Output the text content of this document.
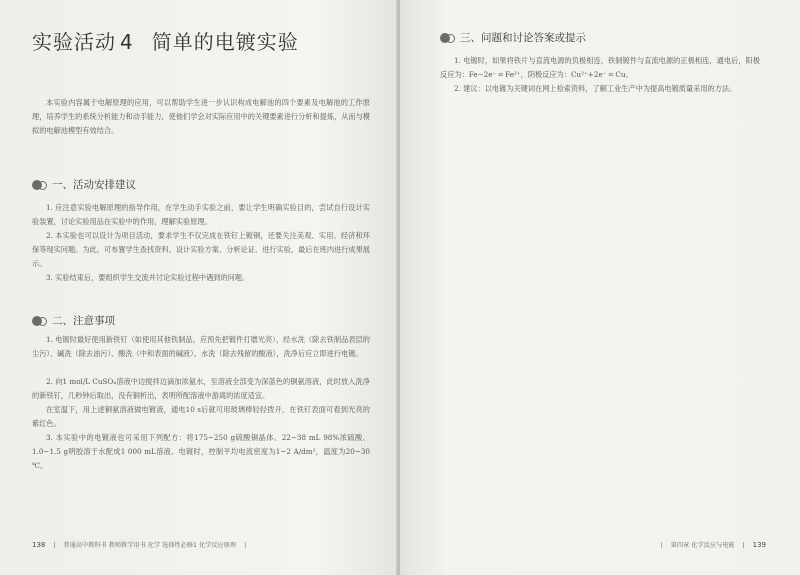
实验活动 4 简单的电镀实验
本实验内容属于电解原理的应用，可以帮助学生进一步认识构成电解池的四个要素及电解池的工作原理，培养学生的系统分析能力和动手能力，使他们学会对实际应用中的关键要素进行分析和提炼，从而与模拟的电解池模型有效结合。
一、活动安排建议
1. 应注意实验电解原理的指导作用，在学生动手实验之前，要让学生明确实验目的，尝试自行设计实验装置，讨论实验用品在实验中的作用，理解实验原理。
2. 本实验也可以设计为项目活动，要求学生不仅完成在铁钉上镀铜，还要关注美观、实用、经济和环保等现实问题。为此，可布置学生查找资料、设计实验方案、分析论证、进行实验，最后在班内进行成果展示。
3. 实验结束后，要组织学生交流并讨论实验过程中遇到的问题。
二、注意事项
1. 电镀时最好使用新铁钉（如使用其他铁制品，应预先把镀件打磨光亮），经水洗（除去铁制品表层的尘污）、碱洗（除去油污）、酸洗（中和表面的碱液）、水洗（除去残留的酸液），洗净后应立即进行电镀。
2. 向1 mol/L CuSO₄溶液中边搅拌边滴加浓氨水，至溶液全部变为深蓝色的铜氨溶液，此时放入洗净的新铁钉，几秒钟后取出，没有铜析出，表明所配溶液中游离的浓度适宜。
在室温下，用上述铜氨溶液做电镀液，通电10 s后就可用玻璃棒轻轻拨开，在铁钉表面可看到光亮的紫红色。
3. 本实验中的电镀液也可采用下列配方：将175~250 g硫酸铜晶体、22~38 mL 98%浓硫酸、1.0~1.5 g明胶溶于水配成1 000 mL溶液。电镀时，控制平均电流密度为1~2 A/dm²，温度为20~30 ℃。
138 | 普通高中教科书 教师教学用书 化学 选择性必修1 化学反应原理 |
三、问题和讨论答案或提示
1. 电镀时，如果将铁片与直流电源的负极相连，铁制镀件与直流电源的正极相连，通电后，阳极反应为：Fe−2e⁻ ═ Fe²⁺，阴极反应为：Cu²⁺+2e⁻ ═ Cu。
2. 建议：以电镀为关键词在网上检索资料，了解工业生产中为提高电镀质量采用的方法。
| 第四章 化学反应与电能 | 139
